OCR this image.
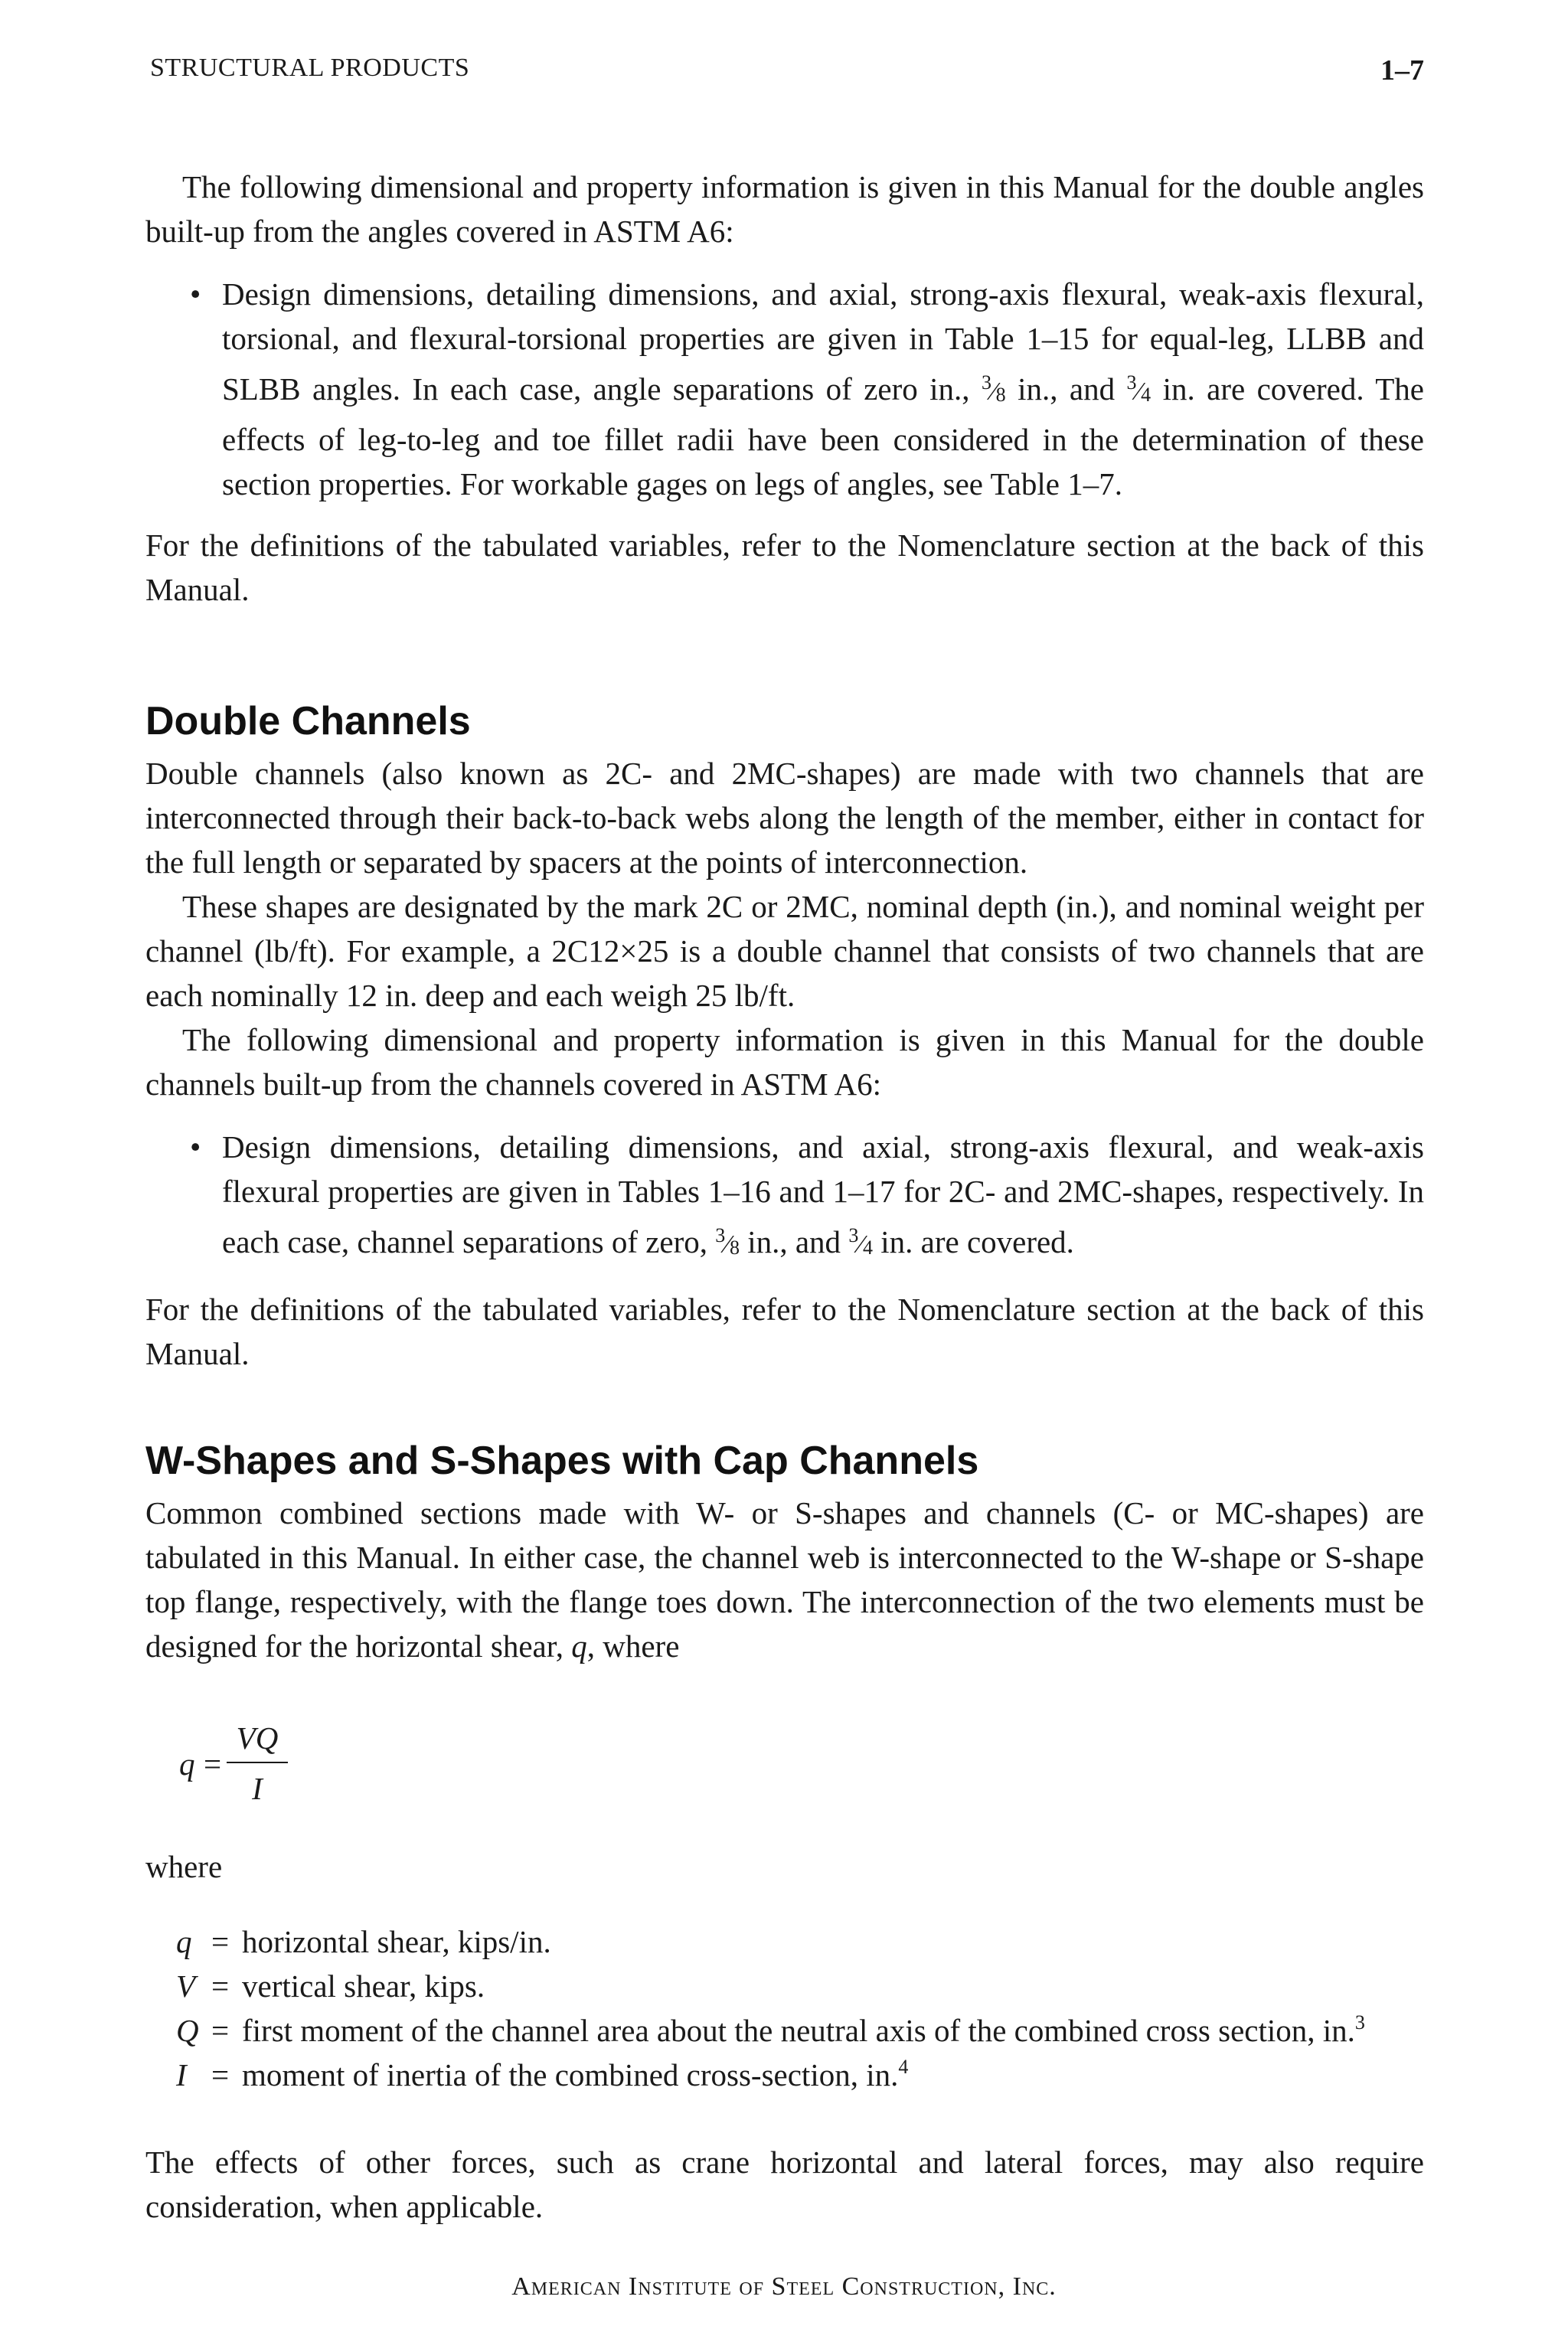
STRUCTURAL PRODUCTS	1–7

The following dimensional and property information is given in this Manual for the double angles built-up from the angles covered in ASTM A6:

• Design dimensions, detailing dimensions, and axial, strong-axis flexural, weak-axis flexural, torsional, and flexural-torsional properties are given in Table 1–15 for equal-leg, LLBB and SLBB angles. In each case, angle separations of zero in., $^3$⁄8 in., and $^3$⁄4 in. are covered. The effects of leg-to-leg and toe fillet radii have been considered in the determination of these section properties. For workable gages on legs of angles, see Table 1–7.

For the definitions of the tabulated variables, refer to the Nomenclature section at the back of this Manual.

Double Channels

Double channels (also known as 2C- and 2MC-shapes) are made with two channels that are interconnected through their back-to-back webs along the length of the member, either in contact for the full length or separated by spacers at the points of interconnection.

These shapes are designated by the mark 2C or 2MC, nominal depth (in.), and nominal weight per channel (lb/ft). For example, a 2C12×25 is a double channel that consists of two channels that are each nominally 12 in. deep and each weigh 25 lb/ft.

The following dimensional and property information is given in this Manual for the double channels built-up from the channels covered in ASTM A6:

• Design dimensions, detailing dimensions, and axial, strong-axis flexural, and weak-axis flexural properties are given in Tables 1–16 and 1–17 for 2C- and 2MC-shapes, respectively. In each case, channel separations of zero, $^3$⁄8 in., and $^3$⁄4 in. are covered.

For the definitions of the tabulated variables, refer to the Nomenclature section at the back of this Manual.

W-Shapes and S-Shapes with Cap Channels

Common combined sections made with W- or S-shapes and channels (C- or MC-shapes) are tabulated in this Manual. In either case, the channel web is interconnected to the W-shape or S-shape top flange, respectively, with the flange toes down. The interconnection of the two elements must be designed for the horizontal shear, q, where

q =
VQ
I

where

q = horizontal shear, kips/in.
V = vertical shear, kips.
Q = first moment of the channel area about the neutral axis of the combined cross section, in.$^3$
I = moment of inertia of the combined cross-section, in.$^4$

The effects of other forces, such as crane horizontal and lateral forces, may also require consideration, when applicable.

American Institute of Steel Construction, Inc.
